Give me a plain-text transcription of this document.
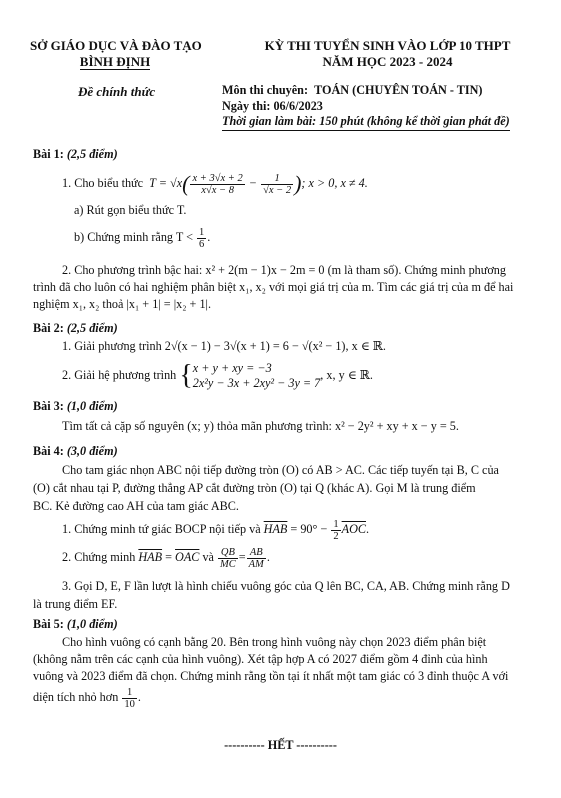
SỞ GIÁO DỤC VÀ ĐÀO TẠO
BÌNH ĐỊNH
KỲ THI TUYỂN SINH VÀO LỚP 10 THPT
NĂM HỌC 2023 - 2024
Đề chính thức	Môn thi chuyên: TOÁN (CHUYÊN TOÁN - TIN)
Ngày thi: 06/6/2023
Thời gian làm bài: 150 phút (không kể thời gian phát đề)
Bài 1: (2,5 điểm)
1. Cho biểu thức $T = √x( \frac{x + 3√x + 2}{x√x - 8} - \frac{1}{√x - 2}$ ); x > 0, x ≠ 4.
a) Rút gọn biểu thức T.
b) Chứng minh rằng $T < \frac{1}{6}$ .
2. Cho phương trình bậc hai: x² + 2(m − 1)x − 2m = 0 (m là tham số). Chứng minh phương
trình đã cho luôn có hai nghiệm phân biệt x₁, x₂ với mọi giá trị của m. Tìm các giá trị của m để hai
nghiệm x₁, x₂ thoả |x₁ + 1| = |x₂ + 1|.
Bài 2: (2,5 điểm)
1. Giải phương trình 2√(x − 1) − 3√(x + 1) = 6 − √(x² − 1), x ∈ ℝ.
2. Giải hệ phương trình { x + y + xy = −3
2x²y − 3x + 2xy² − 3y = 7
, x, y ∈ ℝ.
Bài 3: (1,0 điểm)
Tìm tất cả cặp số nguyên (x; y) thỏa mãn phương trình: x² − 2y² + xy + x − y = 5.
Bài 4: (3,0 điểm)
Cho tam giác nhọn ABC nội tiếp đường tròn (O) có AB > AC. Các tiếp tuyến tại B, C của
(O) cắt nhau tại P, đường thẳng AP cắt đường tròn (O) tại Q (khác A). Gọi M là trung điểm
BC. Kẻ đường cao AH của tam giác ABC.
1. Chứng minh tứ giác BOCP nội tiếp và $\overline{HAB} = 90^\circ - \frac{1}{2} \overline{AOC}$.
2. Chứng minh $\overline{HAB} = \overline{OAC}$ và $\frac{QB}{MC} = \frac{AB}{AM}$ .
3. Gọi D, E, F lần lượt là hình chiếu vuông góc của Q lên BC, CA, AB. Chứng minh rằng D
là trung điểm EF.
Bài 5: (1,0 điểm)
Cho hình vuông có cạnh bằng 20. Bên trong hình vuông này chọn 2023 điểm phân biệt
(không nằm trên các cạnh của hình vuông). Xét tập hợp A có 2027 điểm gồm 4 đỉnh của hình
vuông và 2023 điểm đã chọn. Chứng minh rằng tồn tại ít nhất một tam giác có 3 đỉnh thuộc A với
diện tích nhỏ hơn $\frac{1}{10}$ .
---------- HẾT ----------
